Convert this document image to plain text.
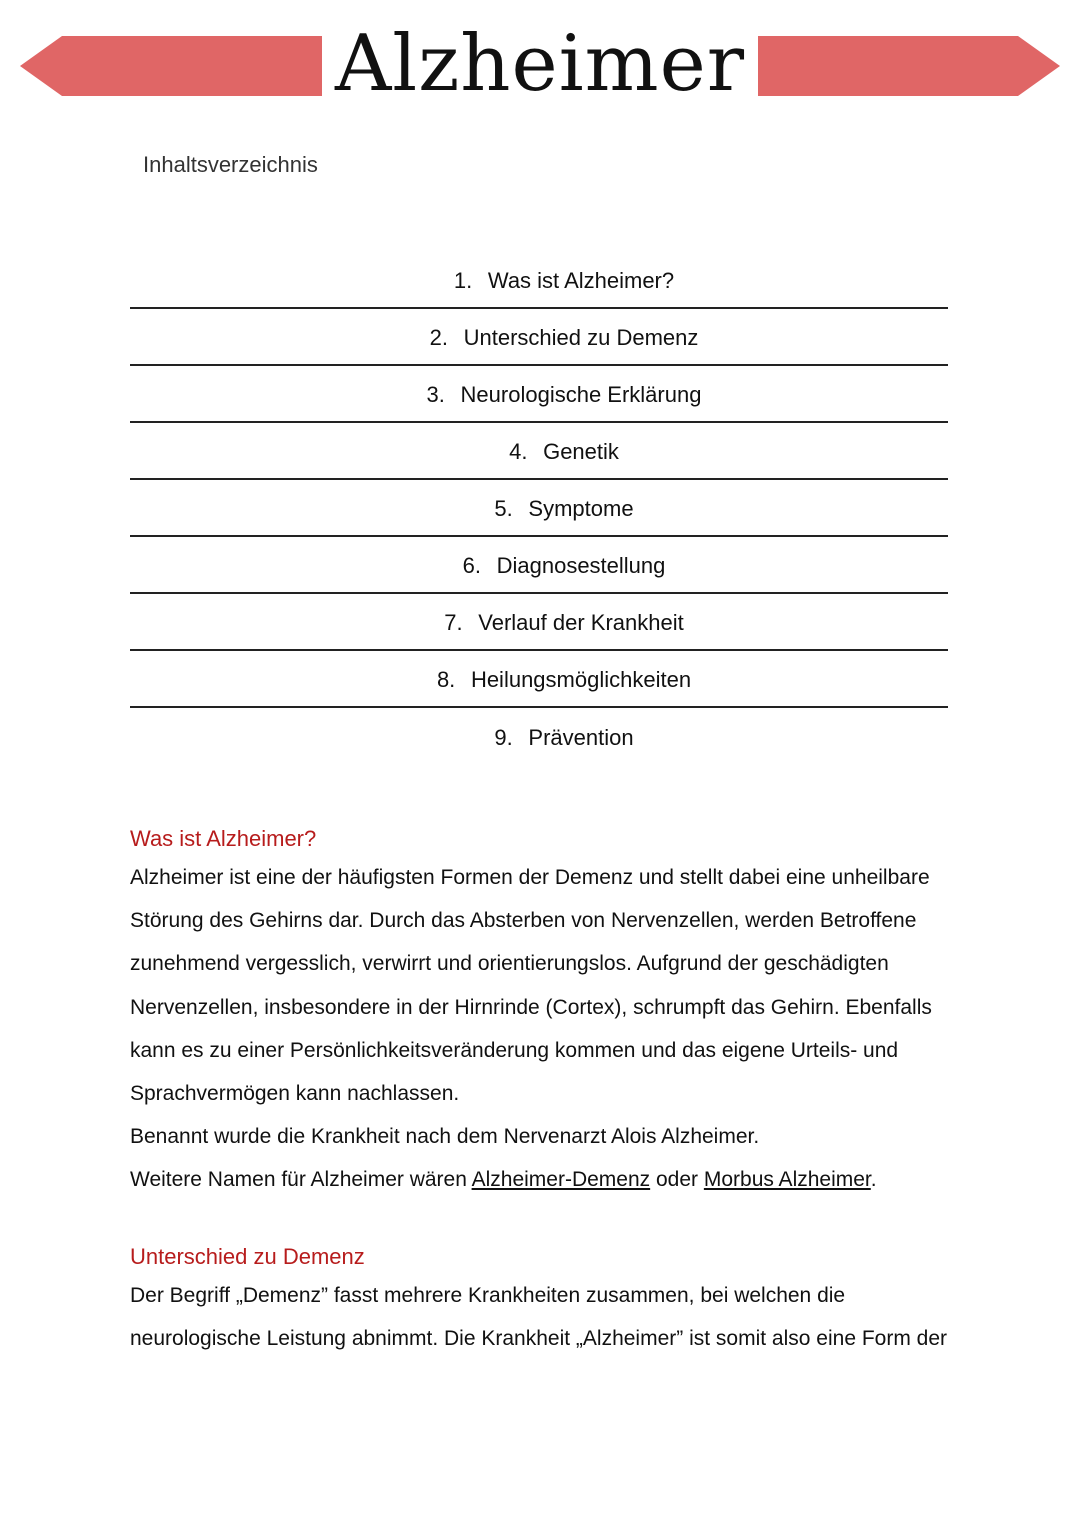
Alzheimer
Inhaltsverzeichnis
1. Was ist Alzheimer?
2. Unterschied zu Demenz
3. Neurologische Erklärung
4. Genetik
5. Symptome
6. Diagnosestellung
7. Verlauf der Krankheit
8. Heilungsmöglichkeiten
9. Prävention
Was ist Alzheimer?

Alzheimer ist eine der häufigsten Formen der Demenz und stellt dabei eine unheilbare Störung des Gehirns dar. Durch das Absterben von Nervenzellen, werden Betroffene zunehmend vergesslich, verwirrt und orientierungslos. Aufgrund der geschädigten Nervenzellen, insbesondere in der Hirnrinde (Cortex), schrumpft das Gehirn. Ebenfalls kann es zu einer Persönlichkeitsveränderung kommen und das eigene Urteils- und Sprachvermögen kann nachlassen.

Benannt wurde die Krankheit nach dem Nervenarzt Alois Alzheimer.

Weitere Namen für Alzheimer wären Alzheimer-Demenz oder Morbus Alzheimer.

Unterschied zu Demenz

Der Begriff „Demenz” fasst mehrere Krankheiten zusammen, bei welchen die neurologische Leistung abnimmt. Die Krankheit „Alzheimer” ist somit also eine Form der
